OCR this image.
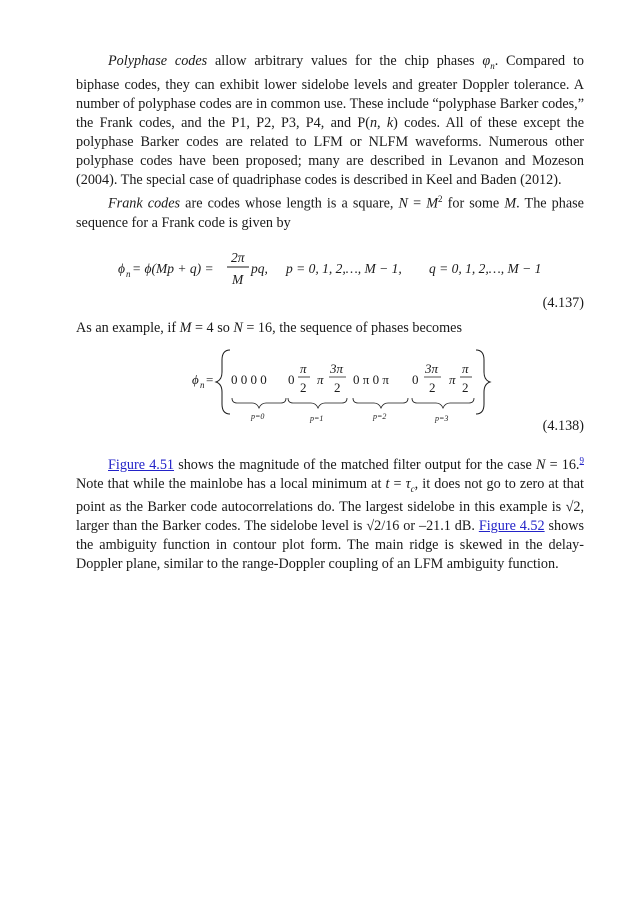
Polyphase codes allow arbitrary values for the chip phases $\varphi_n$. Compared to biphase codes, they can exhibit lower sidelobe levels and greater Doppler tolerance. A number of polyphase codes are in common use. These include “polyphase Barker codes,” the Frank codes, and the P1, P2, P3, P4, and P(n, k) codes. All of these except the polyphase Barker codes are related to LFM or NLFM waveforms. Numerous other polyphase codes have been proposed; many are described in Levanon and Mozeson (2004). The special case of quadriphase codes is described in Keel and Baden (2012).

Frank codes are codes whose length is a square, $N = M^2$ for some M. The phase sequence for a Frank code is given by

ϕ n = ϕ(Mp + q) =
2π
M
pq, p = 0, 1, 2,…, M − 1, q = 0, 1, 2,…, M − 1
(4.137)

As an example, if M = 4 so N = 16, the sequence of phases becomes

ϕ n = 0 0 0 0 0
π
2
π
3π
2
0 π 0 π 0
3π
2
π
π
2
p=0	p=1	p=2	p=3	(4.138)

Figure 4.51 shows the magnitude of the matched filter output for the case N = 16.$^9$ Note that while the mainlobe has a local minimum at $t = \tau_c$, it does not go to zero at that point as the Barker code autocorrelations do. The largest sidelobe in this example is √2, larger than the Barker codes. The sidelobe level is √2/16 or –21.1 dB. Figure 4.52 shows the ambiguity function in contour plot form. The main ridge is skewed in the delay-Doppler plane, similar to the range-Doppler coupling of an LFM ambiguity function.
